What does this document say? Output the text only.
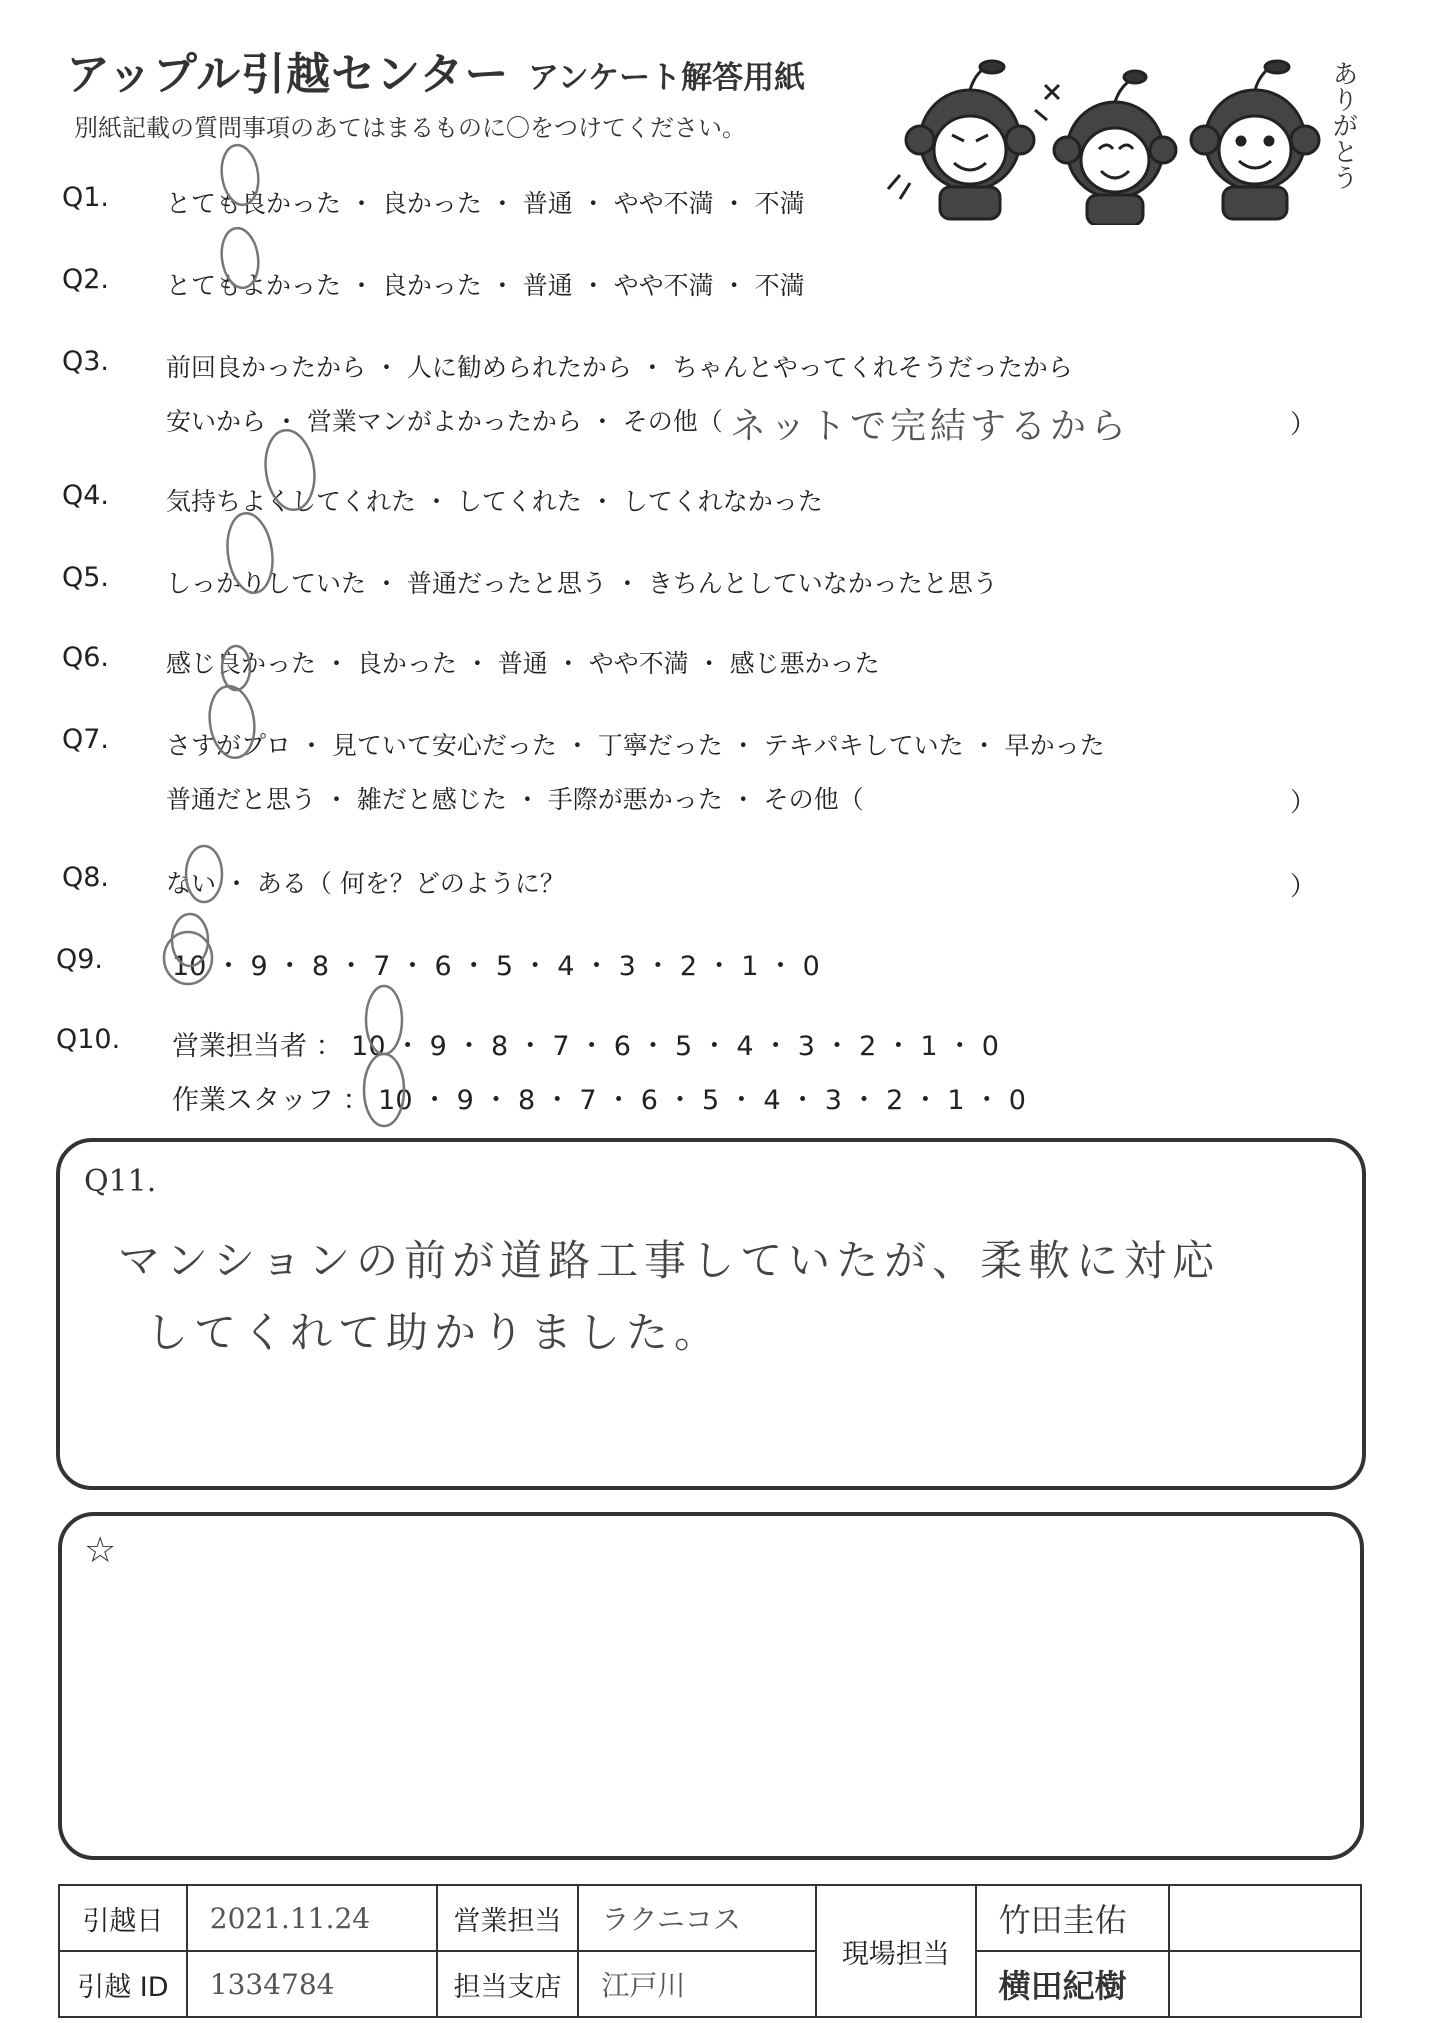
アップル引越センター アンケート解答用紙
別紙記載の質問事項のあてはまるものに〇をつけてください。	ありがとう
Q1. とても良かった ・ 良かった ・ 普通 ・ やや不満 ・ 不満
Q2. とてもよかった ・ 良かった ・ 普通 ・ やや不満 ・ 不満
Q3. 前回良かったから ・ 人に勧められたから ・ ちゃんとやってくれそうだったから
安いから ・ 営業マンがよかったから ・ その他（ ネットで完結するから	）
Q4. 気持ちよくしてくれた ・ してくれた ・ してくれなかった
Q5. しっかりしていた ・ 普通だったと思う ・ きちんとしていなかったと思う
Q6. 感じ良かった ・ 良かった ・ 普通 ・ やや不満 ・ 感じ悪かった
Q7. さすがプロ ・ 見ていて安心だった ・ 丁寧だった ・ テキパキしていた ・ 早かった
普通だと思う ・ 雑だと感じた ・ 手際が悪かった ・ その他（	）
Q8. ない ・ ある（ 何を？どのように？	）
Q9.	10 ・ 9 ・ 8 ・ 7 ・ 6 ・ 5 ・ 4 ・ 3 ・ 2 ・ 1 ・ 0
Q10. 営業担当者 ： 10 ・ 9 ・ 8 ・ 7 ・ 6 ・ 5 ・ 4 ・ 3 ・ 2 ・ 1 ・ 0
作業スタッフ ： 10 ・ 9 ・ 8 ・ 7 ・ 6 ・ 5 ・ 4 ・ 3 ・ 2 ・ 1 ・ 0
Q11.
マンションの前が道路工事していたが、柔軟に対応
してくれて助かりました。
☆
引越日	2021.11.24	営業担当	ラクニコス	現場担当	竹田圭佑	
引越 ID	1334784	担当支店	江戸川		横田紀樹	
